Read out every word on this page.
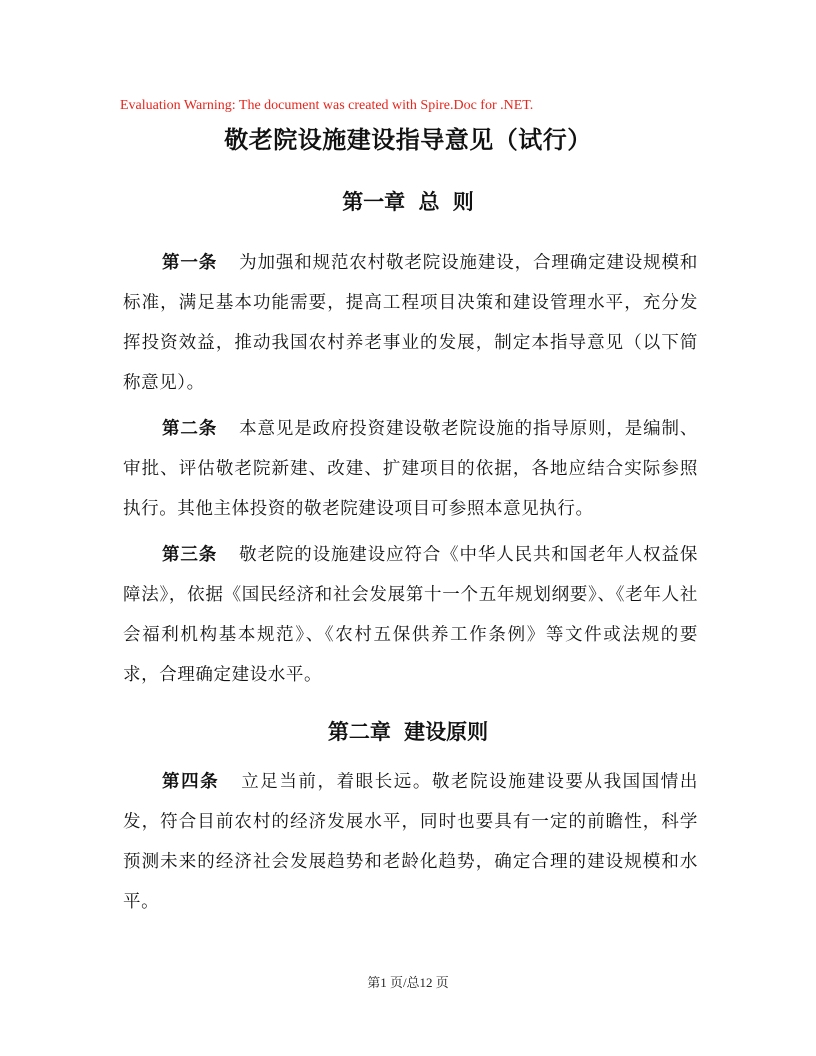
Evaluation Warning: The document was created with Spire.Doc for .NET.
敬老院设施建设指导意见（试行）
第一章 总 则

第一条 为加强和规范农村敬老院设施建设，合理确定建设规模和标准，满足基本功能需要，提高工程项目决策和建设管理水平，充分发挥投资效益，推动我国农村养老事业的发展，制定本指导意见（以下简称意见）。

第二条 本意见是政府投资建设敬老院设施的指导原则，是编制、审批、评估敬老院新建、改建、扩建项目的依据，各地应结合实际参照执行。其他主体投资的敬老院建设项目可参照本意见执行。

第三条 敬老院的设施建设应符合《中华人民共和国老年人权益保障法》，依据《国民经济和社会发展第十一个五年规划纲要》、《老年人社会福利机构基本规范》、《农村五保供养工作条例》等文件或法规的要求，合理确定建设水平。

第二章 建设原则

第四条 立足当前，着眼长远。敬老院设施建设要从我国国情出发，符合目前农村的经济发展水平，同时也要具有一定的前瞻性，科学预测未来的经济社会发展趋势和老龄化趋势，确定合理的建设规模和水平。

第1 页/总12 页
